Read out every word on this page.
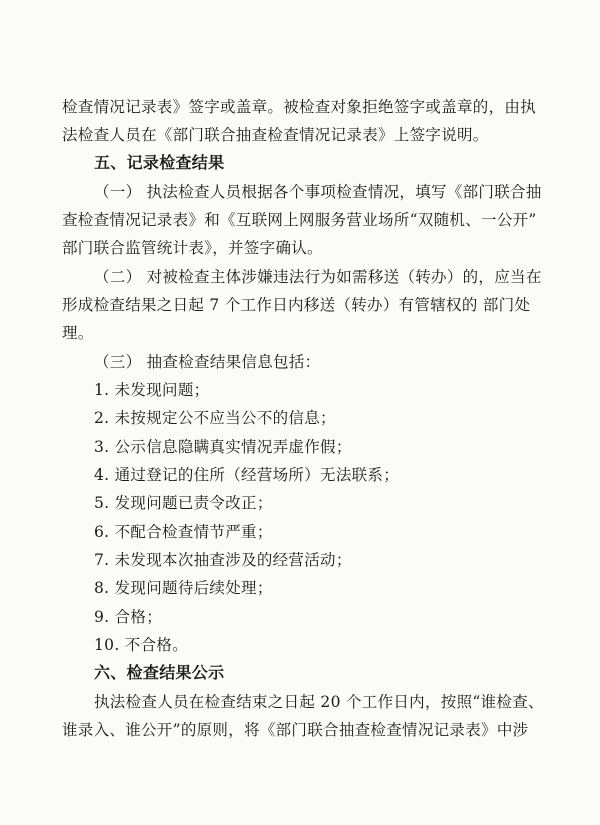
检查情况记录表》签字或盖章。被检查对象拒绝签字或盖章的，由执
法检查人员在《部门联合抽查检查情况记录表》上签字说明。
五、记录检查结果
（一） 执法检查人员根据各个事项检查情况，填写《部门联合抽
查检查情况记录表》和《互联网上网服务营业场所“双随机、一公开”
部门联合监管统计表》，并签字确认。
（二） 对被检查主体涉嫌违法行为如需移送（转办）的，应当在
形成检查结果之日起 7 个工作日内移送（转办）有管辖权的 部门处
理。
（三） 抽查检查结果信息包括：
1. 未发现问题；
2. 未按规定公不应当公不的信息；
3. 公示信息隐瞒真实情况弄虚作假；
4. 通过登记的住所（经营场所）无法联系；
5. 发现问题已责令改正；
6. 不配合检查情节严重；
7. 未发现本次抽查涉及的经营活动；
8. 发现问题待后续处理；
9. 合格；
10. 不合格。
六、检查结果公示
执法检查人员在检查结束之日起 20 个工作日内，按照“谁检查、
谁录入、谁公开”的原则，将《部门联合抽查检查情况记录表》中涉
